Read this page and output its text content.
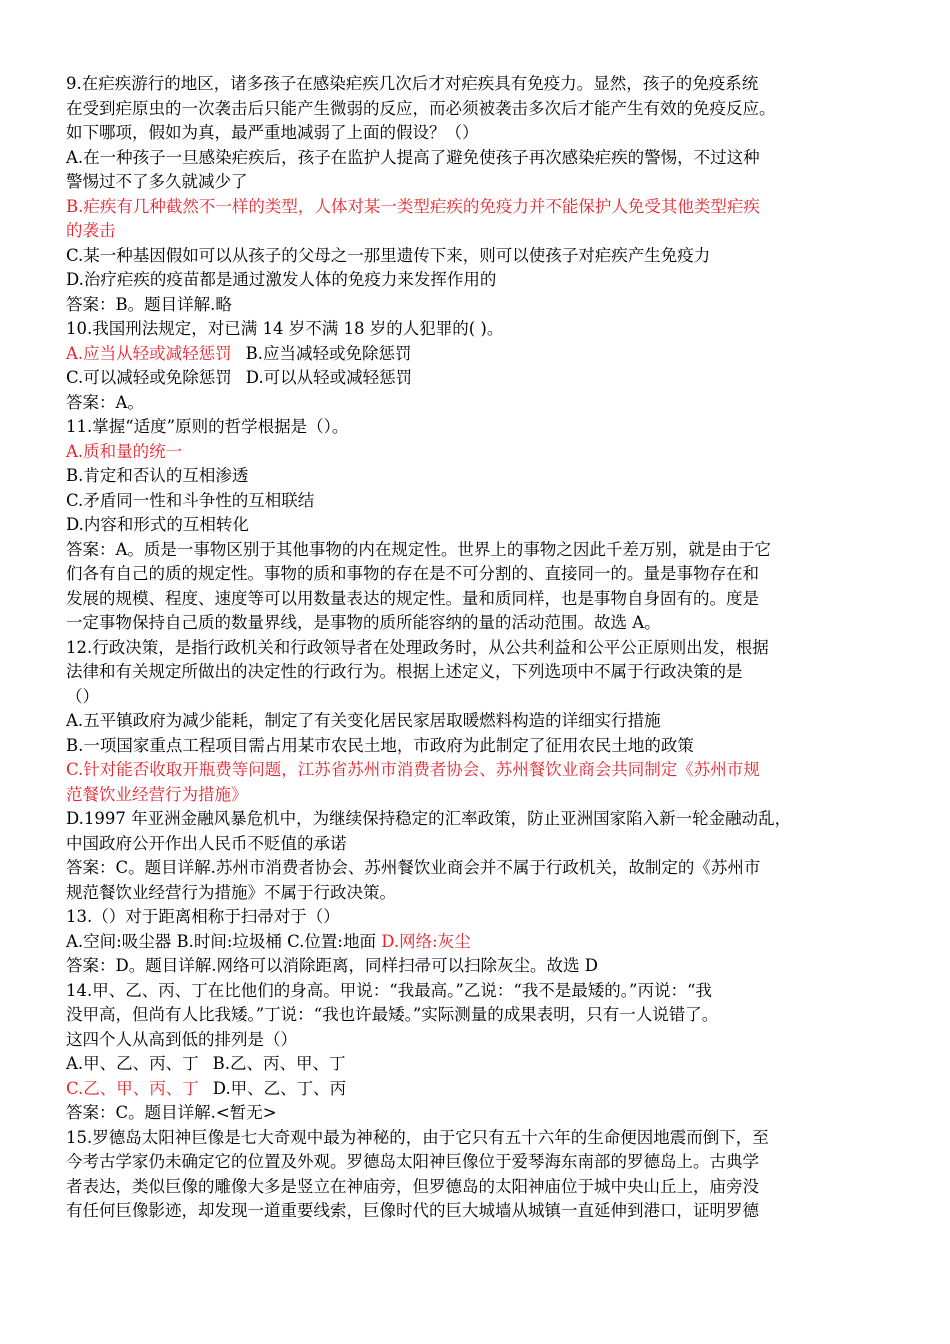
9.在疟疾游行的地区，诸多孩子在感染疟疾几次后才对疟疾具有免疫力。显然，孩子的免疫系统
在受到疟原虫的一次袭击后只能产生微弱的反应，而必须被袭击多次后才能产生有效的免疫反应。
如下哪项，假如为真，最严重地减弱了上面的假设？（）
A.在一种孩子一旦感染疟疾后，孩子在监护人提高了避免使孩子再次感染疟疾的警惕，不过这种
警惕过不了多久就减少了
B.疟疾有几种截然不一样的类型，人体对某一类型疟疾的免疫力并不能保护人免受其他类型疟疾
的袭击
C.某一种基因假如可以从孩子的父母之一那里遗传下来，则可以使孩子对疟疾产生免疫力
D.治疗疟疾的疫苗都是通过激发人体的免疫力来发挥作用的
答案：B。题目详解.略
10.我国刑法规定，对已满 14 岁不满 18 岁的人犯罪的( )。
A.应当从轻或减轻惩罚 B.应当减轻或免除惩罚
C.可以减轻或免除惩罚 D.可以从轻或减轻惩罚
答案：A。
11.掌握“适度”原则的哲学根据是（）。
A.质和量的统一
B.肯定和否认的互相渗透
C.矛盾同一性和斗争性的互相联结
D.内容和形式的互相转化
答案：A。质是一事物区别于其他事物的内在规定性。世界上的事物之因此千差万别，就是由于它
们各有自己的质的规定性。事物的质和事物的存在是不可分割的、直接同一的。量是事物存在和
发展的规模、程度、速度等可以用数量表达的规定性。量和质同样，也是事物自身固有的。度是
一定事物保持自己质的数量界线，是事物的质所能容纳的量的活动范围。故选 A。
12.行政决策，是指行政机关和行政领导者在处理政务时，从公共利益和公平公正原则出发，根据
法律和有关规定所做出的决定性的行政行为。根据上述定义，下列选项中不属于行政决策的是
（）
A.五平镇政府为减少能耗，制定了有关变化居民家居取暖燃料构造的详细实行措施
B.一项国家重点工程项目需占用某市农民土地，市政府为此制定了征用农民土地的政策
C.针对能否收取开瓶费等问题，江苏省苏州市消费者协会、苏州餐饮业商会共同制定《苏州市规
范餐饮业经营行为措施》
D.1997 年亚洲金融风暴危机中，为继续保持稳定的汇率政策，防止亚洲国家陷入新一轮金融动乱，
中国政府公开作出人民币不贬值的承诺
答案：C。题目详解.苏州市消费者协会、苏州餐饮业商会并不属于行政机关，故制定的《苏州市
规范餐饮业经营行为措施》不属于行政决策。
13.（）对于距离相称于扫帚对于（）
A.空间:吸尘器 B.时间:垃圾桶 C.位置:地面 D.网络:灰尘
答案：D。题目详解.网络可以消除距离，同样扫帚可以扫除灰尘。故选 D
14.甲、乙、丙、丁在比他们的身高。甲说：“我最高。”乙说：“我不是最矮的。”丙说：“我
没甲高，但尚有人比我矮。”丁说：“我也许最矮。”实际测量的成果表明，只有一人说错了。
这四个人从高到低的排列是（）
A.甲、乙、丙、丁 B.乙、丙、甲、丁
C.乙、甲、丙、丁 D.甲、乙、丁、丙
答案：C。题目详解.<暂无>
15.罗德岛太阳神巨像是七大奇观中最为神秘的，由于它只有五十六年的生命便因地震而倒下，至
今考古学家仍未确定它的位置及外观。罗德岛太阳神巨像位于爱琴海东南部的罗德岛上。古典学
者表达，类似巨像的雕像大多是竖立在神庙旁，但罗德岛的太阳神庙位于城中央山丘上，庙旁没
有任何巨像影迹，却发现一道重要线索，巨像时代的巨大城墙从城镇一直延伸到港口，证明罗德
